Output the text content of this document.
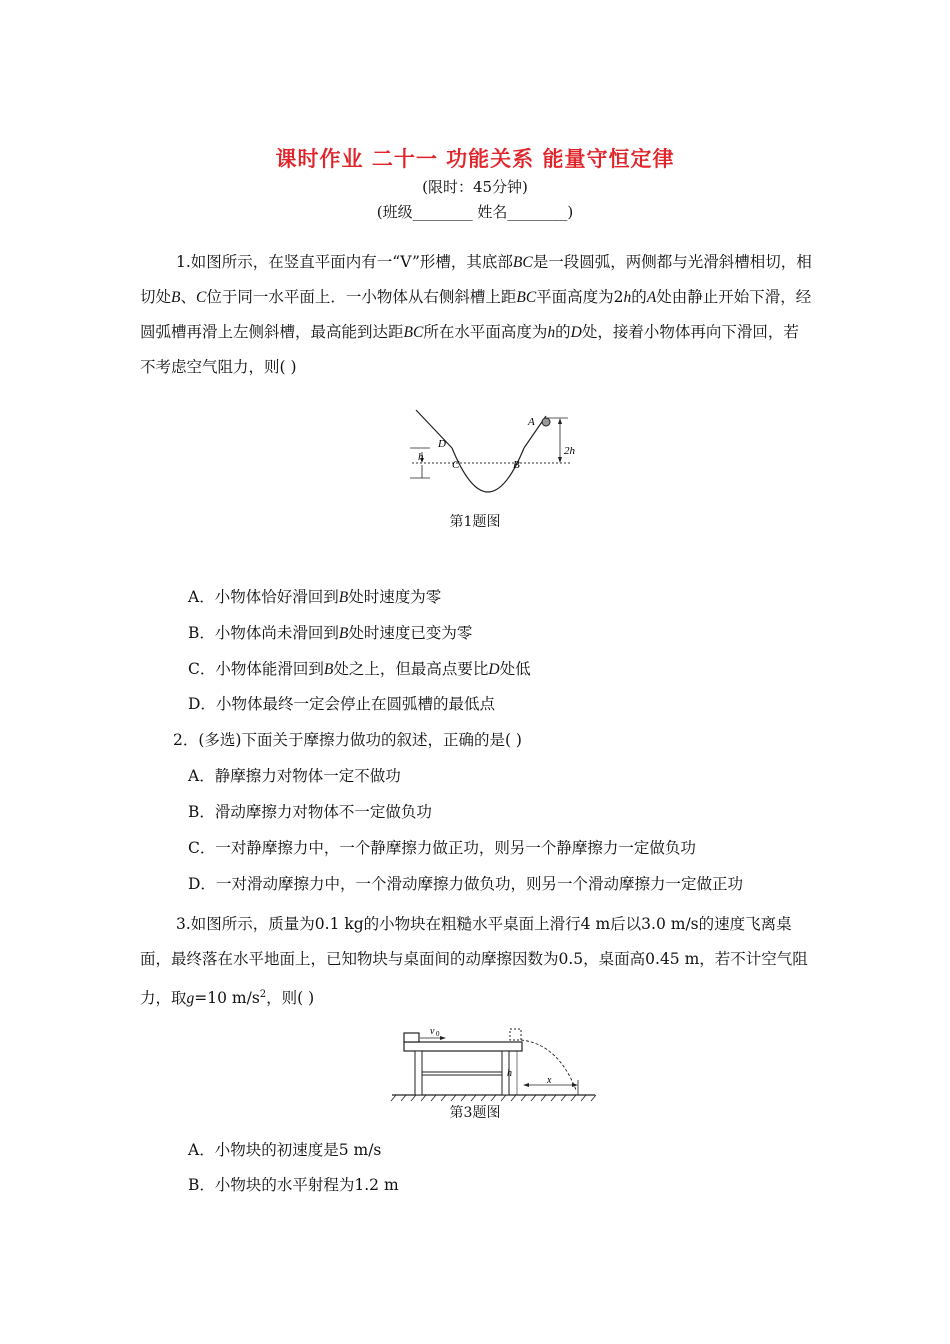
课时作业 二十一 功能关系 能量守恒定律
(限时：45分钟)
(班级________ 姓名________)
1.如图所示，在竖直平面内有一“V”形槽，其底部BC是一段圆弧，两侧都与光滑斜槽相切，相切处B、C位于同一水平面上．一小物体从右侧斜槽上距BC平面高度为2h的A处由静止开始下滑，经圆弧槽再滑上左侧斜槽，最高能到达距BC所在水平面高度为h的D处，接着小物体再向下滑回，若不考虑空气阻力，则( )
D
h
C	B
A
2h
第1题图
A．小物体恰好滑回到B处时速度为零
B．小物体尚未滑回到B处时速度已变为零
C．小物体能滑回到B处之上，但最高点要比D处低
D．小物体最终一定会停止在圆弧槽的最低点
2．(多选)下面关于摩擦力做功的叙述，正确的是( )
A．静摩擦力对物体一定不做功
B．滑动摩擦力对物体不一定做负功
C．一对静摩擦力中，一个静摩擦力做正功，则另一个静摩擦力一定做负功
D．一对滑动摩擦力中，一个滑动摩擦力做负功，则另一个滑动摩擦力一定做正功
3.如图所示，质量为0.1 kg的小物块在粗糙水平桌面上滑行4 m后以3.0 m/s的速度飞离桌面，最终落在水平地面上，已知物块与桌面间的动摩擦因数为0.5，桌面高0.45 m，若不计空气阻力，取g=10 $m/s^2$，则( )
v 0
h
x
第3题图
A．小物块的初速度是5 m/s
B．小物块的水平射程为1.2 m
